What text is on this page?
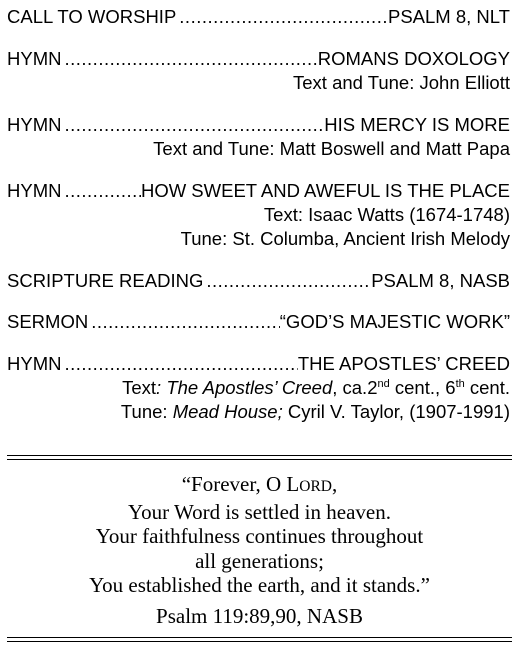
CALL TO WORSHIP .....	PSALM 8, NLT
HYMN .....	ROMANS DOXOLOGY
Text and Tune: John Elliott
HYMN .....	HIS MERCY IS MORE
Text and Tune: Matt Boswell and Matt Papa
HYMN .....	HOW SWEET AND AWEFUL IS THE PLACE
Text: Isaac Watts (1674-1748)
Tune: St. Columba, Ancient Irish Melody
SCRIPTURE READING .....	PSALM 8, NASB
SERMON .....	“GOD’S MAJESTIC WORK”
HYMN .....	THE APOSTLES’ CREED
Text: The Apostles’ Creed, ca.2nd cent., 6th cent.
Tune: Mead House; Cyril V. Taylor, (1907-1991)
“Forever, O LORD,
Your Word is settled in heaven.
Your faithfulness continues throughout
all generations;
You established the earth, and it stands.”
Psalm 119:89,90, NASB
